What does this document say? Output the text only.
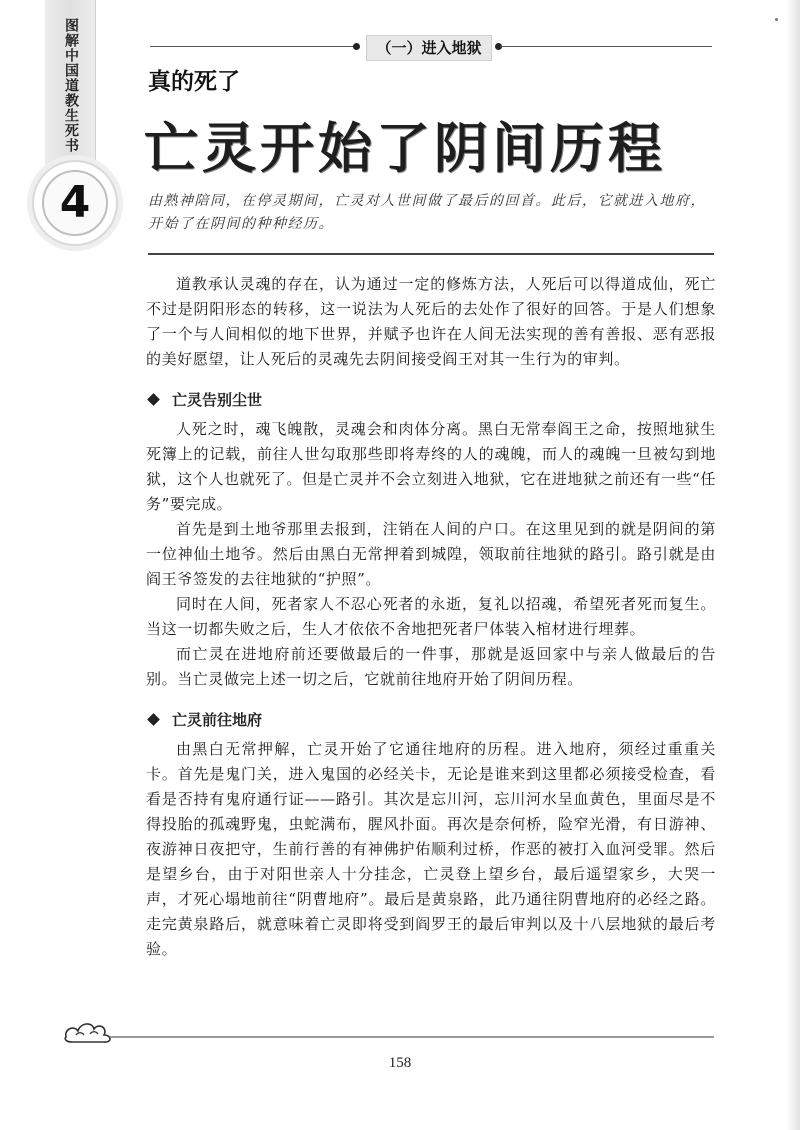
图解中国道教生死书
4
（一）进入地狱
真的死了
亡灵开始了阴间历程
由熟神陪同，在停灵期间，亡灵对人世间做了最后的回首。此后，它就进入地府，开始了在阴间的种种经历。

道教承认灵魂的存在，认为通过一定的修炼方法，人死后可以得道成仙，死亡不过是阴阳形态的转移，这一说法为人死后的去处作了很好的回答。于是人们想象了一个与人间相似的地下世界，并赋予也许在人间无法实现的善有善报、恶有恶报的美好愿望，让人死后的灵魂先去阴间接受阎王对其一生行为的审判。

亡灵告别尘世

人死之时，魂飞魄散，灵魂会和肉体分离。黑白无常奉阎王之命，按照地狱生死簿上的记载，前往人世勾取那些即将寿终的人的魂魄，而人的魂魄一旦被勾到地狱，这个人也就死了。但是亡灵并不会立刻进入地狱，它在进地狱之前还有一些“任务”要完成。

首先是到土地爷那里去报到，注销在人间的户口。在这里见到的就是阴间的第一位神仙土地爷。然后由黑白无常押着到城隍，领取前往地狱的路引。路引就是由阎王爷签发的去往地狱的“护照”。

同时在人间，死者家人不忍心死者的永逝，复礼以招魂，希望死者死而复生。当这一切都失败之后，生人才依依不舍地把死者尸体装入棺材进行埋葬。

而亡灵在进地府前还要做最后的一件事，那就是返回家中与亲人做最后的告别。当亡灵做完上述一切之后，它就前往地府开始了阴间历程。

亡灵前往地府

由黑白无常押解，亡灵开始了它通往地府的历程。进入地府，须经过重重关卡。首先是鬼门关，进入鬼国的必经关卡，无论是谁来到这里都必须接受检查，看看是否持有鬼府通行证——路引。其次是忘川河，忘川河水呈血黄色，里面尽是不得投胎的孤魂野鬼，虫蛇满布，腥风扑面。再次是奈何桥，险窄光滑，有日游神、夜游神日夜把守，生前行善的有神佛护佑顺利过桥，作恶的被打入血河受罪。然后是望乡台，由于对阳世亲人十分挂念，亡灵登上望乡台，最后遥望家乡，大哭一声，才死心塌地前往“阴曹地府”。最后是黄泉路，此乃通往阴曹地府的必经之路。走完黄泉路后，就意味着亡灵即将受到阎罗王的最后审判以及十八层地狱的最后考验。

158
